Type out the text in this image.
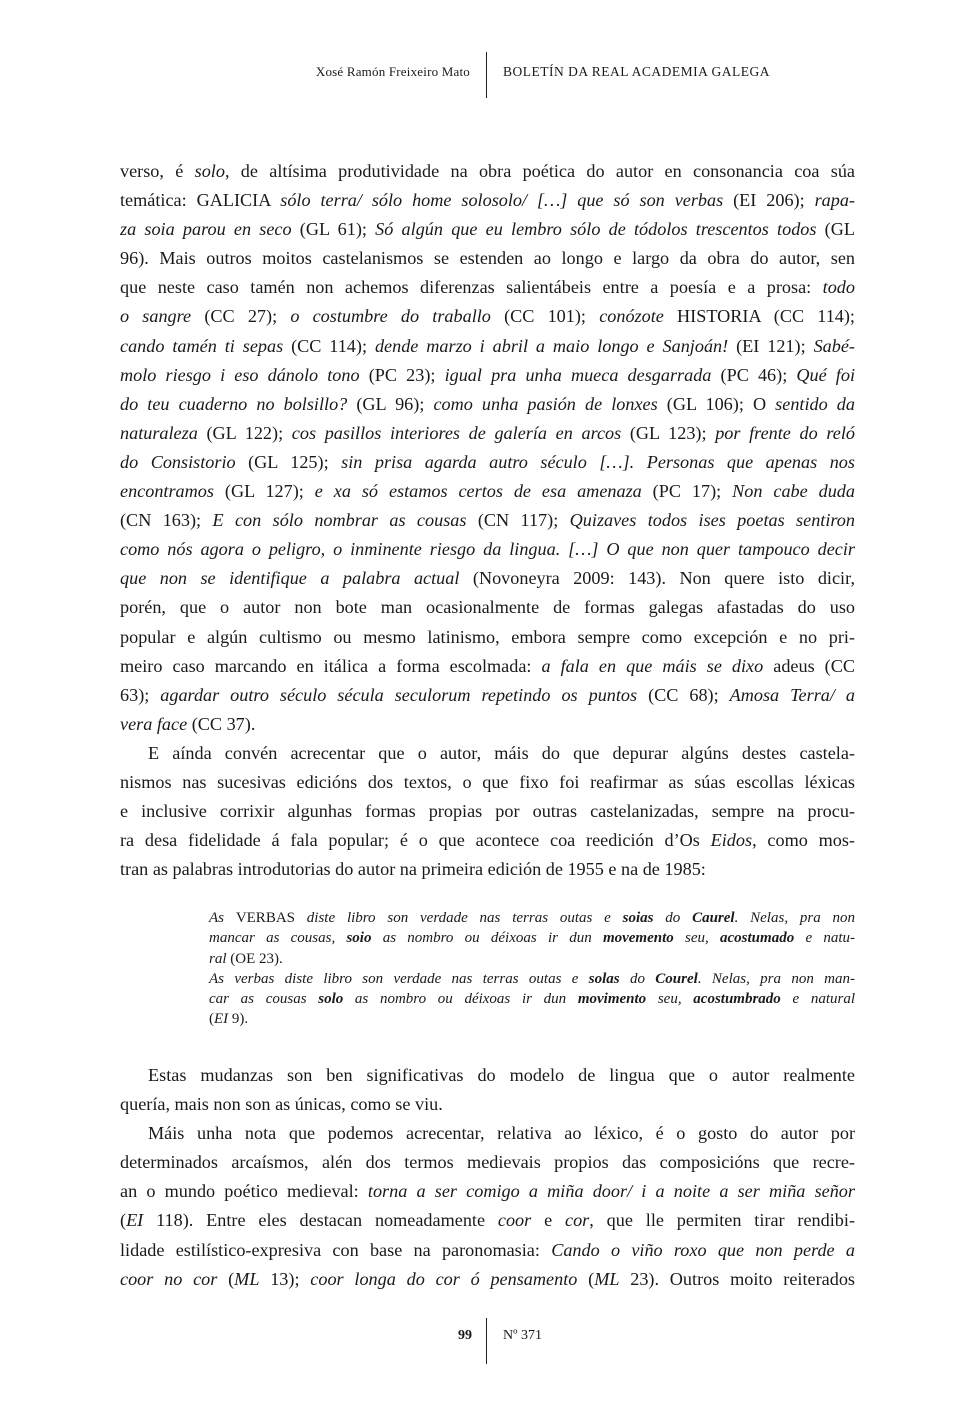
Xosé Ramón Freixeiro Mato BOLETÍN DA REAL ACADEMIA GALEGA
verso, é solo, de altísima produtividade na obra poética do autor en consonancia coa súa
temática: GALICIA sólo terra/ sólo home solosolo/ […] que só son verbas (EI 206); rapa-
za soia parou en seco (GL 61); Só algún que eu lembro sólo de tódolos trescentos todos (GL
96). Mais outros moitos castelanismos se estenden ao longo e largo da obra do autor, sen
que neste caso tamén non achemos diferenzas salientábeis entre a poesía e a prosa: todo
o sangre (CC 27); o costumbre do traballo (CC 101); conózote HISTORIA (CC 114);
cando tamén ti sepas (CC 114); dende marzo i abril a maio longo e Sanjoán! (EI 121); Sabé-
molo riesgo i eso dánolo tono (PC 23); igual pra unha mueca desgarrada (PC 46); Qué foi
do teu cuaderno no bolsillo? (GL 96); como unha pasión de lonxes (GL 106); O sentido da
naturaleza (GL 122); cos pasillos interiores de galería en arcos (GL 123); por frente do reló
do Consistorio (GL 125); sin prisa agarda autro século […]. Personas que apenas nos
encontramos (GL 127); e xa só estamos certos de esa amenaza (PC 17); Non cabe duda
(CN 163); E con sólo nombrar as cousas (CN 117); Quizaves todos ises poetas sentiron
como nós agora o peligro, o inminente riesgo da lingua. […] O que non quer tampouco decir
que non se identifique a palabra actual (Novoneyra 2009: 143). Non quere isto dicir,
porén, que o autor non bote man ocasionalmente de formas galegas afastadas do uso
popular e algún cultismo ou mesmo latinismo, embora sempre como excepción e no pri-
meiro caso marcando en itálica a forma escolmada: a fala en que máis se dixo adeus (CC
63); agardar outro século sécula seculorum repetindo os puntos (CC 68); Amosa Terra/ a
vera face (CC 37).
E aínda convén acrecentar que o autor, máis do que depurar algúns destes castela-
nismos nas sucesivas edicións dos textos, o que fixo foi reafirmar as súas escollas léxicas
e inclusive corrixir algunhas formas propias por outras castelanizadas, sempre na procu-
ra desa fidelidade á fala popular; é o que acontece coa reedición d’Os Eidos, como mos-
tran as palabras introdutorias do autor na primeira edición de 1955 e na de 1985:
As VERBAS diste libro son verdade nas terras outas e soias do Caurel. Nelas, pra non
mancar as cousas, soio as nombro ou déixoas ir dun movemento seu, acostumado e natu-
ral (OE 23).
As verbas diste libro son verdade nas terras outas e solas do Courel. Nelas, pra non man-
car as cousas solo as nombro ou déixoas ir dun movimento seu, acostumbrado e natural
(EI 9).
Estas mudanzas son ben significativas do modelo de lingua que o autor realmente
quería, mais non son as únicas, como se viu.
Máis unha nota que podemos acrecentar, relativa ao léxico, é o gosto do autor por
determinados arcaísmos, alén dos termos medievais propios das composicións que recre-
an o mundo poético medieval: torna a ser comigo a miña door/ i a noite a ser miña señor
(EI 118). Entre eles destacan nomeadamente coor e cor, que lle permiten tirar rendibi-
lidade estilístico-expresiva con base na paronomasia: Cando o viño roxo que non perde a
coor no cor (ML 13); coor longa do cor ó pensamento (ML 23). Outros moito reiterados
99 Nº 371
